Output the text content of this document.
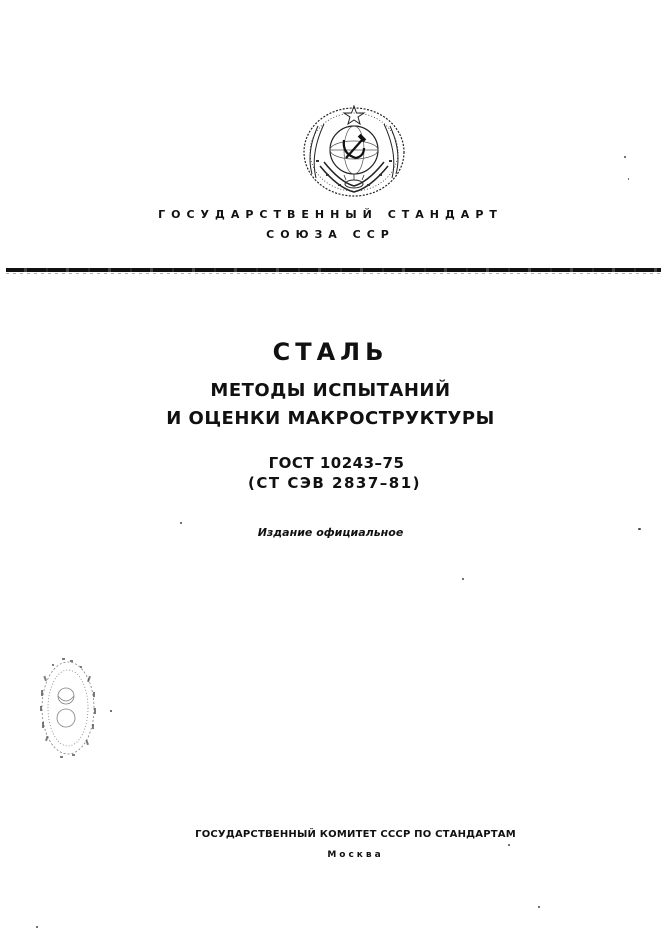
ГОСУДАРСТВЕННЫЙ СТАНДАРТ
СОЮЗА ССР
СТАЛЬ
МЕТОДЫ ИСПЫТАНИЙ
И ОЦЕНКИ МАКРОСТРУКТУРЫ
ГОСТ 10243–75
(СТ СЭВ 2837–81)
Издание официальное
ГОСУДАРСТВЕННЫЙ КОМИТЕТ СССР ПО СТАНДАРТАМ
Москва
